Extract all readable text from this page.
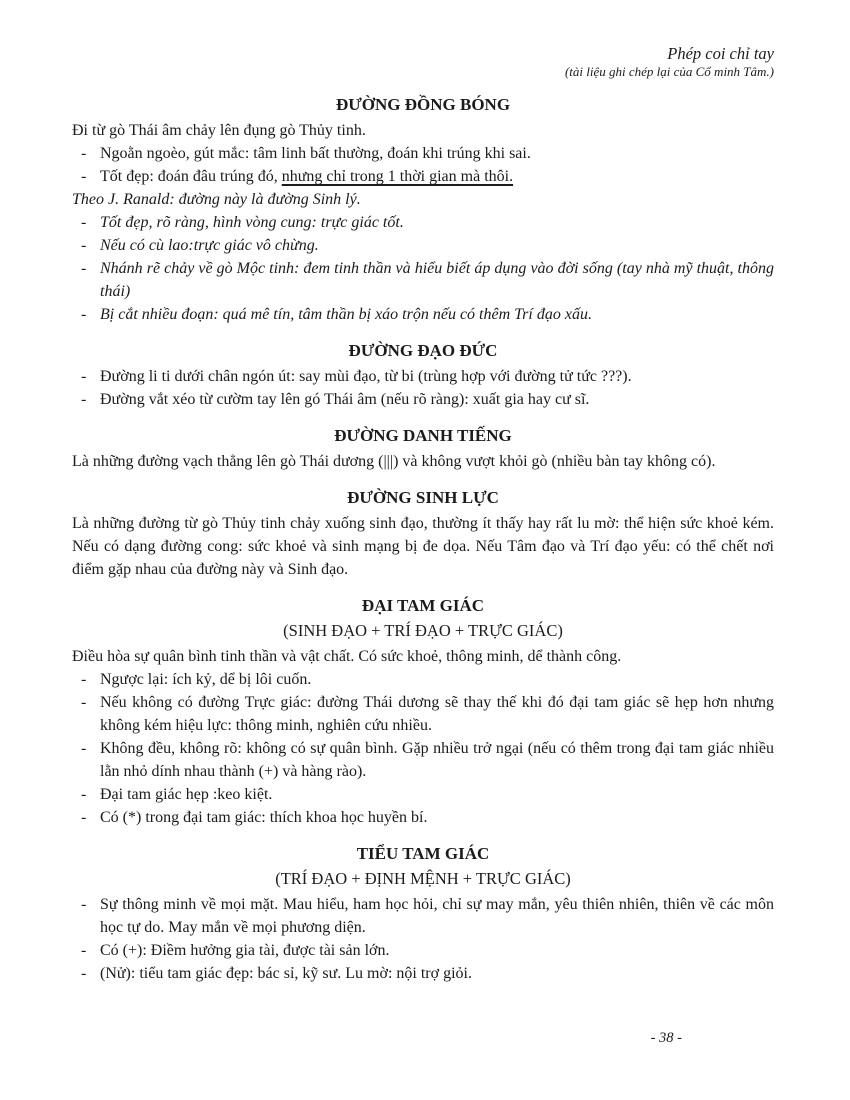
Phép coi chỉ tay
(tài liệu ghi chép lại của Cổ minh Tâm.)
ĐƯỜNG ĐỒNG BÓNG
Đi từ gò Thái âm chảy lên đụng gò Thủy tinh.
- Ngoằn ngoèo, gút mắc: tâm linh bất thường, đoán khi trúng khi sai.
- Tốt đẹp: đoán đâu trúng đó, nhưng chỉ trong 1 thời gian mà thôi.
Theo J. Ranald: đường này là đường Sinh lý.
- Tốt đẹp, rõ ràng, hình vòng cung: trực giác tốt.
- Nếu có cù lao:trực giác vô chừng.
- Nhánh rẽ chảy về gò Mộc tinh: đem tinh thần và hiểu biết áp dụng vào đời sống (tay nhà mỹ thuật, thông thái)
- Bị cắt nhiều đoạn: quá mê tín, tâm thần bị xáo trộn nếu có thêm Trí đạo xấu.
ĐƯỜNG ĐẠO ĐỨC
- Đường li ti dưới chân ngón út: say mùi đạo, từ bi (trùng hợp với đường tử tức ???).
- Đường vắt xéo từ cườm tay lên gó Thái âm (nếu rõ ràng): xuất gia hay cư sĩ.
ĐƯỜNG DANH TIẾNG
Là những đường vạch thẳng lên gò Thái dương (|||) và không vượt khỏi gò (nhiều bàn tay không có).
ĐƯỜNG SINH LỰC
Là những đường từ gò Thủy tinh chảy xuống sinh đạo, thường ít thấy hay rất lu mờ: thể hiện sức khoẻ kém. Nếu có dạng đường cong: sức khoẻ và sinh mạng bị đe dọa. Nếu Tâm đạo và Trí đạo yếu: có thể chết nơi điểm gặp nhau của đường này và Sinh đạo.
ĐẠI TAM GIÁC
(SINH ĐẠO + TRÍ ĐẠO + TRỰC GIÁC)
Điều hòa sự quân bình tinh thần và vật chất. Có sức khoẻ, thông minh, dể thành công.
- Ngược lại: ích kỷ, dể bị lôi cuốn.
- Nếu không có đường Trực giác: đường Thái dương sẽ thay thế khi đó đại tam giác sẽ hẹp hơn nhưng không kém hiệu lực: thông minh, nghiên cứu nhiều.
- Không đều, không rõ: không có sự quân bình. Gặp nhiều trở ngại (nếu có thêm trong đại tam giác nhiều lằn nhỏ dính nhau thành (+) và hàng rào).
- Đại tam giác hẹp :keo kiệt.
- Có (*) trong đại tam giác: thích khoa học huyền bí.
TIỂU TAM GIÁC
(TRÍ ĐẠO + ĐỊNH MỆNH + TRỰC GIÁC)
- Sự thông minh về mọi mặt. Mau hiểu, ham học hỏi, chỉ sự may mắn, yêu thiên nhiên, thiên về các môn học tự do. May mắn về mọi phương diện.
- Có (+): Điềm hưởng gia tài, được tài sản lớn.
- (Nử): tiểu tam giác đẹp: bác sỉ, kỹ sư. Lu mờ: nội trợ giỏi.
- 38 -
